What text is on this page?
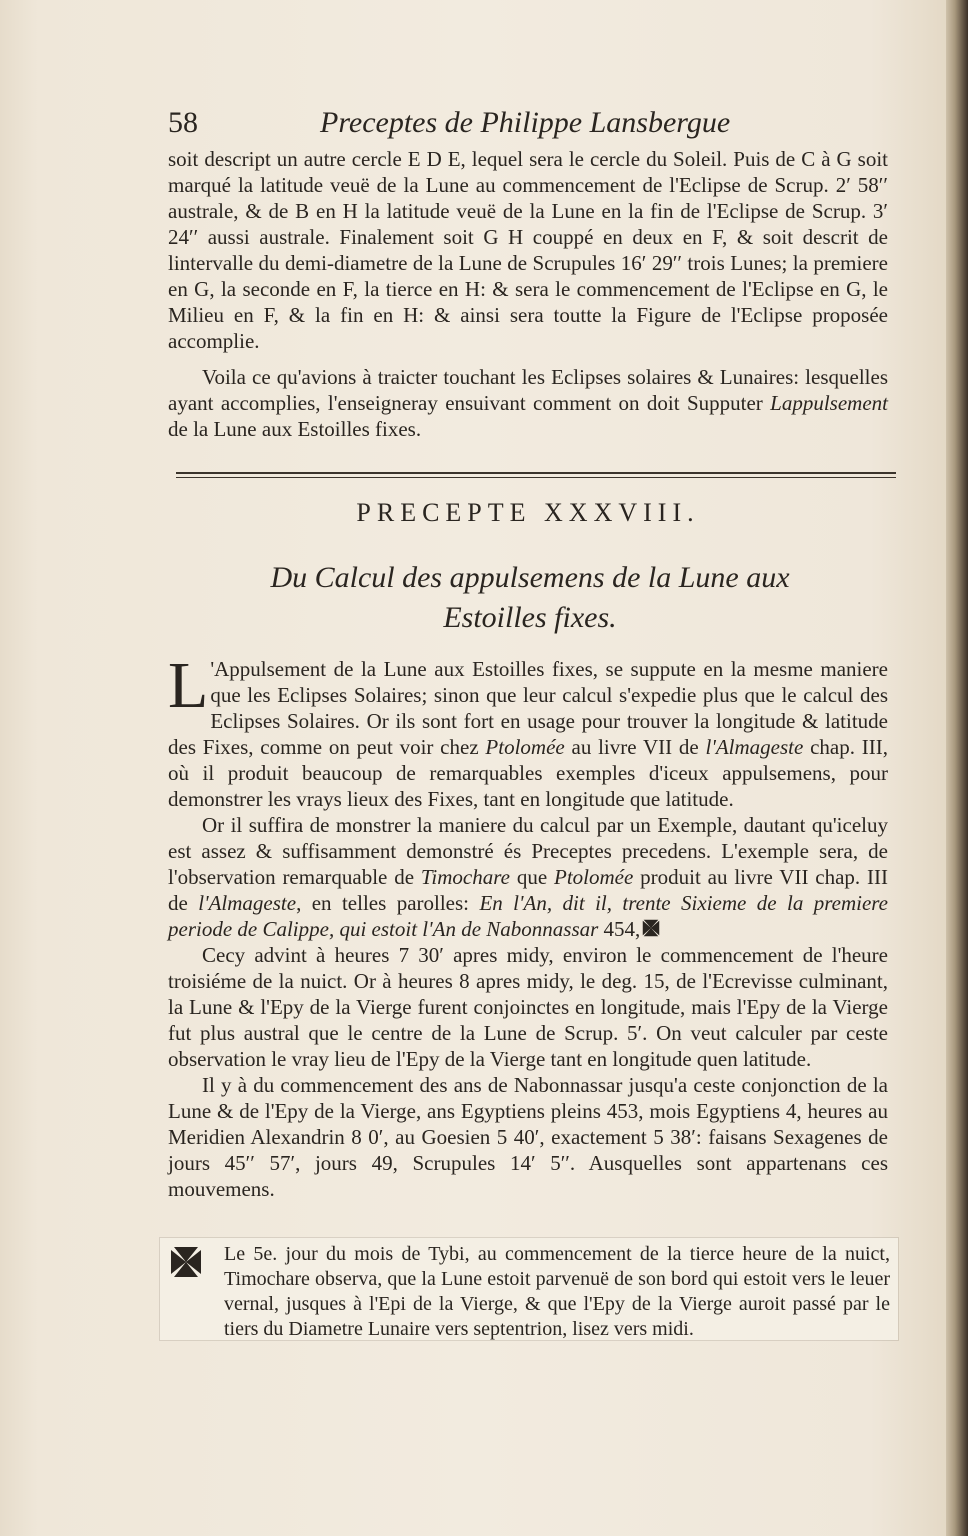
58	Preceptes de Philippe Lansbergue

soit descript un autre cercle E D E, lequel sera le cercle du Soleil. Puis de C à G soit marqué la latitude veuë de la Lune au commencement de l'Eclipse de Scrup. 2′ 58′′ australe, & de B en H la latitude veuë de la Lune en la fin de l'Eclipse de Scrup. 3′ 24′′ aussi australe. Finalement soit G H couppé en deux en F, & soit descrit de lintervalle du demi-diametre de la Lune de Scrupules 16′ 29′′ trois Lunes; la premiere en G, la seconde en F, la tierce en H: & sera le commencement de l'Eclipse en G, le Milieu en F, & la fin en H: & ainsi sera toutte la Figure de l'Eclipse proposée accomplie.

Voila ce qu'avions à traicter touchant les Eclipses solaires & Lunaires: lesquelles ayant accomplies, l'enseigneray ensuivant comment on doit Supputer Lappulsement de la Lune aux Estoilles fixes.
PRECEPTE XXXVIII.
Du Calcul des appulsemens de la Lune aux Estoilles fixes.

L 'Appulsement de la Lune aux Estoilles fixes, se suppute en la mesme maniere que les Eclipses Solaires; sinon que leur calcul s'expedie plus que le calcul des Eclipses Solaires. Or ils sont fort en usage pour trouver la longitude & latitude des Fixes, comme on peut voir chez Ptolomée au livre VII de l'Almageste chap. III, où il produit beaucoup de remarquables exemples d'iceux appulsemens, pour demonstrer les vrays lieux des Fixes, tant en longitude que latitude.

Or il suffira de monstrer la maniere du calcul par un Exemple, dautant qu'iceluy est assez & suffisamment demonstré és Preceptes precedens. L'exemple sera, de l'observation remarquable de Timochare que Ptolomée produit au livre VII chap. III de l'Almageste, en telles parolles: En l'An, dit il, trente Sixieme de la premiere periode de Calippe, qui estoit l'An de Nabonnassar 454,

Cecy advint à heures 7 30′ apres midy, environ le commencement de l'heure troisiéme de la nuict. Or à heures 8 apres midy, le deg. 15, de l'Ecrevisse culminant, la Lune & l'Epy de la Vierge furent conjoinctes en longitude, mais l'Epy de la Vierge fut plus austral que le centre de la Lune de Scrup. 5′. On veut calculer par ceste observation le vray lieu de l'Epy de la Vierge tant en longitude quen latitude.

Il y à du commencement des ans de Nabonnassar jusqu'a ceste conjonction de la Lune & de l'Epy de la Vierge, ans Egyptiens pleins 453, mois Egyptiens 4, heures au Meridien Alexandrin 8 0′, au Goesien 5 40′, exactement 5 38′: faisans Sexagenes de jours 45′′ 57′, jours 49, Scrupules 14′ 5′′. Ausquelles sont appartenans ces mouvemens.

Le 5e. jour du mois de Tybi, au commencement de la tierce heure de la nuict, Timochare observa, que la Lune estoit parvenuë de son bord qui estoit vers le leuer vernal, jusques à l'Epi de la Vierge, & que l'Epy de la Vierge auroit passé par le tiers du Diametre Lunaire vers septentrion, lisez vers midi.
